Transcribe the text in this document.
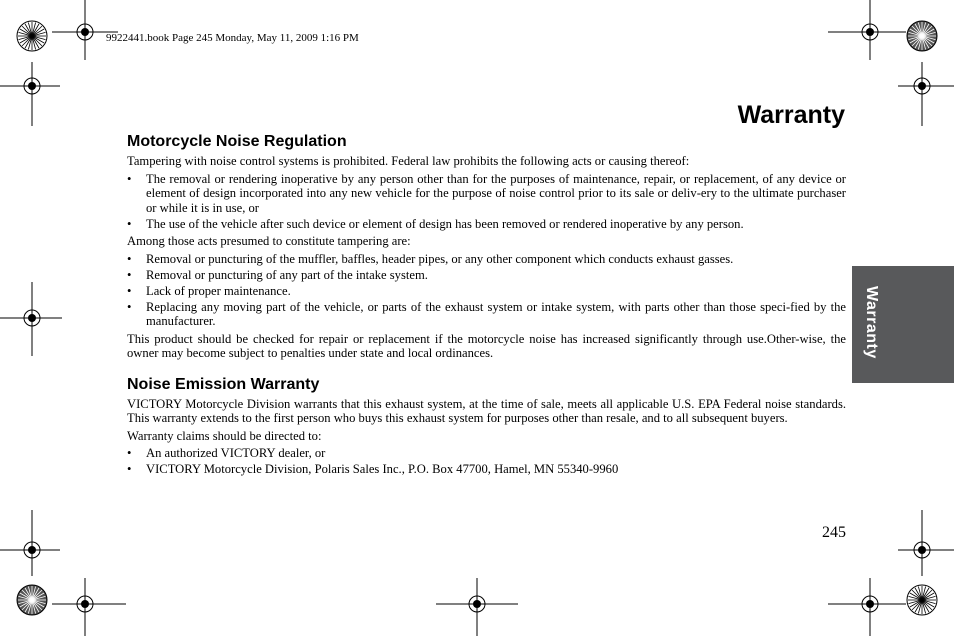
9922441.book Page 245 Monday, May 11, 2009 1:16 PM
Warranty
Motorcycle Noise Regulation

Tampering with noise control systems is prohibited. Federal law prohibits the following acts or causing thereof:

• The removal or rendering inoperative by any person other than for the purposes of maintenance, repair, or replacement, of any device or element of design incorporated into any new vehicle for the purpose of noise control prior to its sale or deliv-ery to the ultimate purchaser or while it is in use, or
• The use of the vehicle after such device or element of design has been removed or rendered inoperative by any person.

Among those acts presumed to constitute tampering are:

• Removal or puncturing of the muffler, baffles, header pipes, or any other component which conducts exhaust gasses.
• Removal or puncturing of any part of the intake system.
• Lack of proper maintenance.
• Replacing any moving part of the vehicle, or parts of the exhaust system or intake system, with parts other than those speci-fied by the manufacturer.

This product should be checked for repair or replacement if the motorcycle noise has increased significantly through use.Other-wise, the owner may become subject to penalties under state and local ordinances.

Noise Emission Warranty

VICTORY Motorcycle Division warrants that this exhaust system, at the time of sale, meets all applicable U.S. EPA Federal noise standards. This warranty extends to the first person who buys this exhaust system for purposes other than resale, and to all subsequent buyers.

Warranty claims should be directed to:

• An authorized VICTORY dealer, or
• VICTORY Motorcycle Division, Polaris Sales Inc., P.O. Box 47700, Hamel, MN 55340-9960
245
Warranty
